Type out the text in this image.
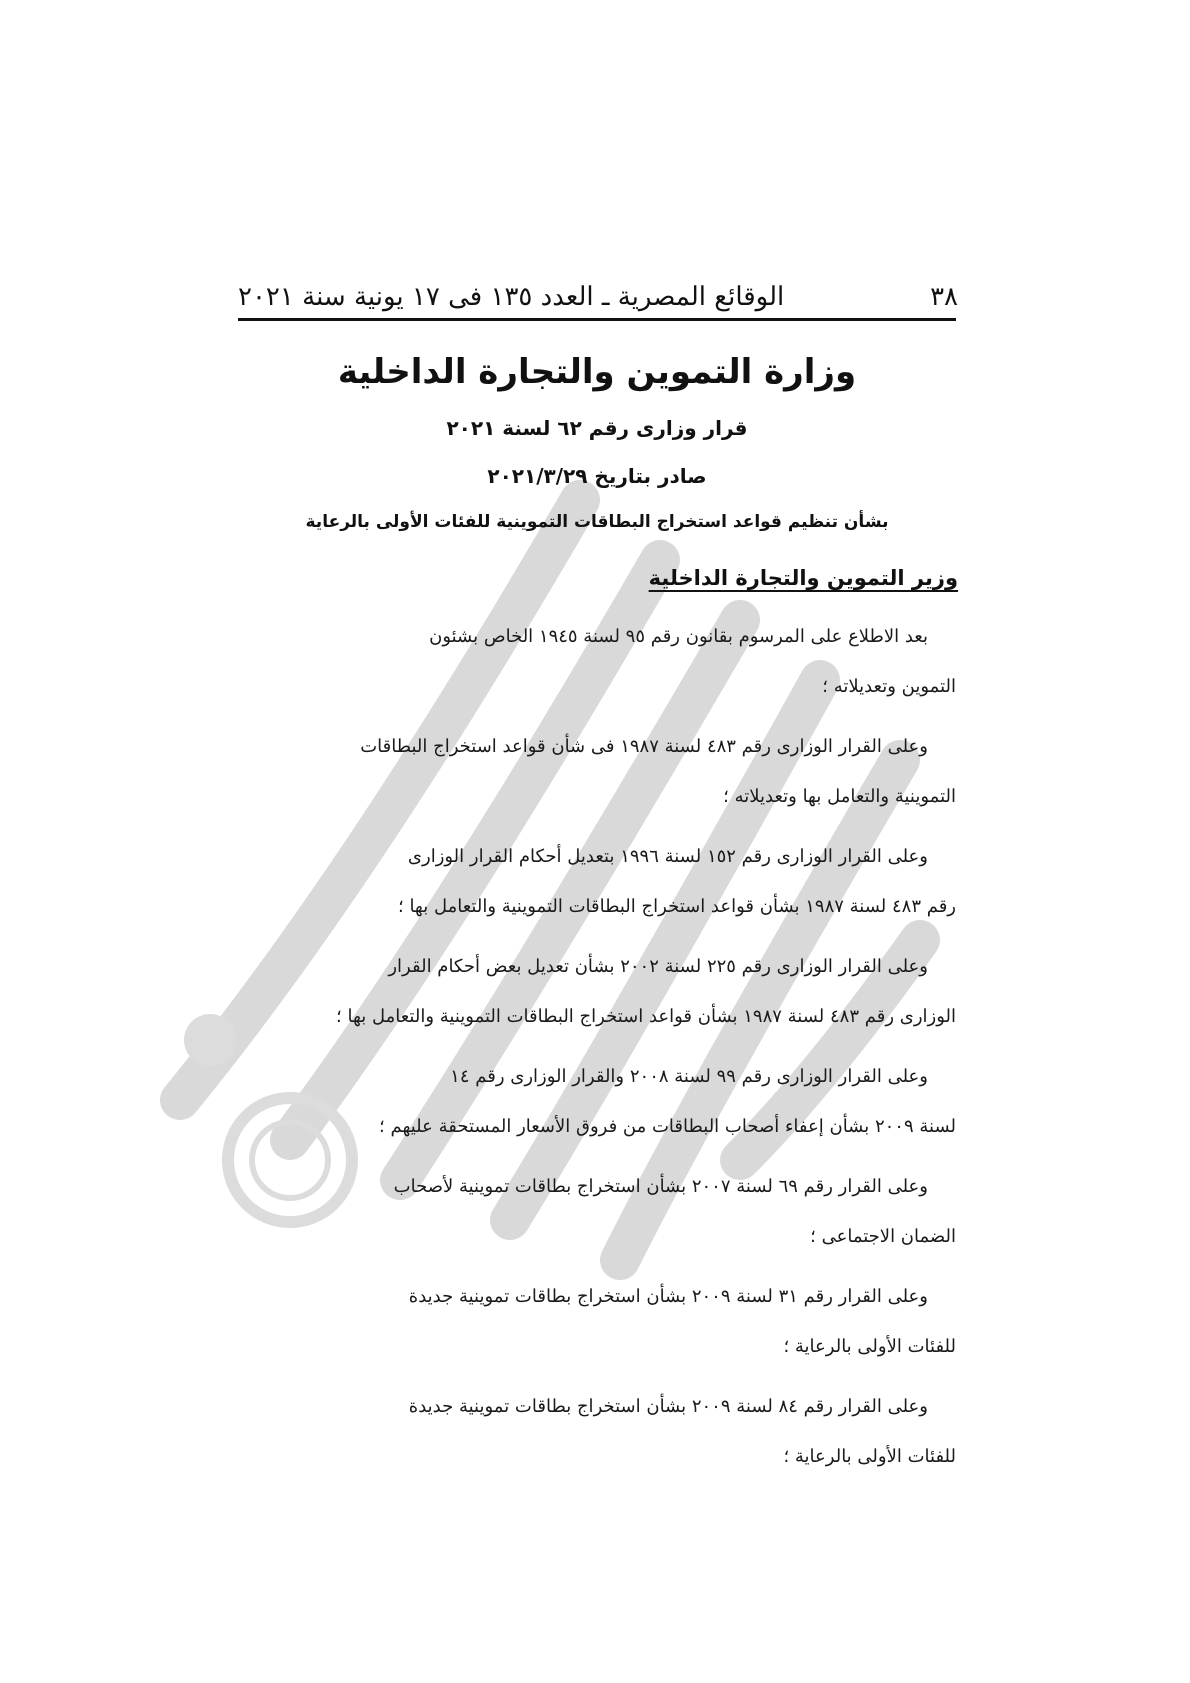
٣٨
الوقائع المصرية ـ العدد ١٣٥ فى ١٧ يونية سنة ٢٠٢١
وزارة التموين والتجارة الداخلية
قرار وزارى رقم ٦٢ لسنة ٢٠٢١
صادر بتاريخ ٢٠٢١/٣/٢٩
بشأن تنظيم قواعد استخراج البطاقات التموينية للفئات الأولى بالرعاية
وزير التموين والتجارة الداخلية

بعد الاطلاع على المرسوم بقانون رقم ٩٥ لسنة ١٩٤٥ الخاص بشئون
التموين وتعديلاته ؛

وعلى القرار الوزارى رقم ٤٨٣ لسنة ١٩٨٧ فى شأن قواعد استخراج البطاقات
التموينية والتعامل بها وتعديلاته ؛

وعلى القرار الوزارى رقم ١٥٢ لسنة ١٩٩٦ بتعديل أحكام القرار الوزارى
رقم ٤٨٣ لسنة ١٩٨٧ بشأن قواعد استخراج البطاقات التموينية والتعامل بها ؛

وعلى القرار الوزارى رقم ٢٢٥ لسنة ٢٠٠٢ بشأن تعديل بعض أحكام القرار
الوزارى رقم ٤٨٣ لسنة ١٩٨٧ بشأن قواعد استخراج البطاقات التموينية والتعامل بها ؛

وعلى القرار الوزارى رقم ٩٩ لسنة ٢٠٠٨ والقرار الوزارى رقم ١٤
لسنة ٢٠٠٩ بشأن إعفاء أصحاب البطاقات من فروق الأسعار المستحقة عليهم ؛

وعلى القرار رقم ٦٩ لسنة ٢٠٠٧ بشأن استخراج بطاقات تموينية لأصحاب
الضمان الاجتماعى ؛

وعلى القرار رقم ٣١ لسنة ٢٠٠٩ بشأن استخراج بطاقات تموينية جديدة
للفئات الأولى بالرعاية ؛

وعلى القرار رقم ٨٤ لسنة ٢٠٠٩ بشأن استخراج بطاقات تموينية جديدة
للفئات الأولى بالرعاية ؛
